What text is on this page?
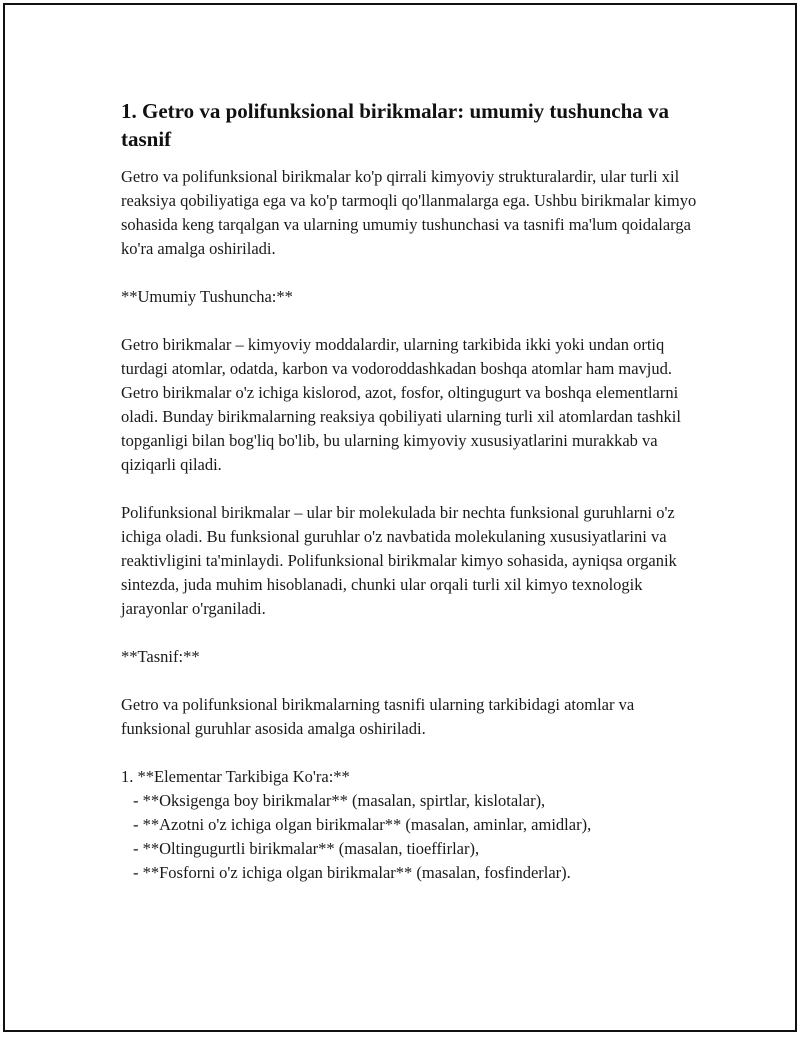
1. Getro va polifunksional birikmalar: umumiy tushuncha va tasnif

Getro va polifunksional birikmalar ko'p qirrali kimyoviy strukturalardir, ular turli xil reaksiya qobiliyatiga ega va ko'p tarmoqli qo'llanmalarga ega. Ushbu birikmalar kimyo sohasida keng tarqalgan va ularning umumiy tushunchasi va tasnifi ma'lum qoidalarga ko'ra amalga oshiriladi.

**Umumiy Tushuncha:**

Getro birikmalar – kimyoviy moddalardir, ularning tarkibida ikki yoki undan ortiq turdagi atomlar, odatda, karbon va vodoroddashkadan boshqa atomlar ham mavjud. Getro birikmalar o'z ichiga kislorod, azot, fosfor, oltingugurt va boshqa elementlarni oladi. Bunday birikmalarning reaksiya qobiliyati ularning turli xil atomlardan tashkil topganligi bilan bog'liq bo'lib, bu ularning kimyoviy xususiyatlarini murakkab va qiziqarli qiladi.

Polifunksional birikmalar – ular bir molekulada bir nechta funksional guruhlarni o'z ichiga oladi. Bu funksional guruhlar o'z navbatida molekulaning xususiyatlarini va reaktivligini ta'minlaydi. Polifunksional birikmalar kimyo sohasida, ayniqsa organik sintezda, juda muhim hisoblanadi, chunki ular orqali turli xil kimyo texnologik jarayonlar o'rganiladi.

**Tasnif:**

Getro va polifunksional birikmalarning tasnifi ularning tarkibidagi atomlar va funksional guruhlar asosida amalga oshiriladi.

1. **Elementar Tarkibiga Ko'ra:**

- **Oksigenga boy birikmalar** (masalan, spirtlar, kislotalar),
- **Azotni o'z ichiga olgan birikmalar** (masalan, aminlar, amidlar),
- **Oltingugurtli birikmalar** (masalan, tioeffirlar),
- **Fosforni o'z ichiga olgan birikmalar** (masalan, fosfinderlar).
